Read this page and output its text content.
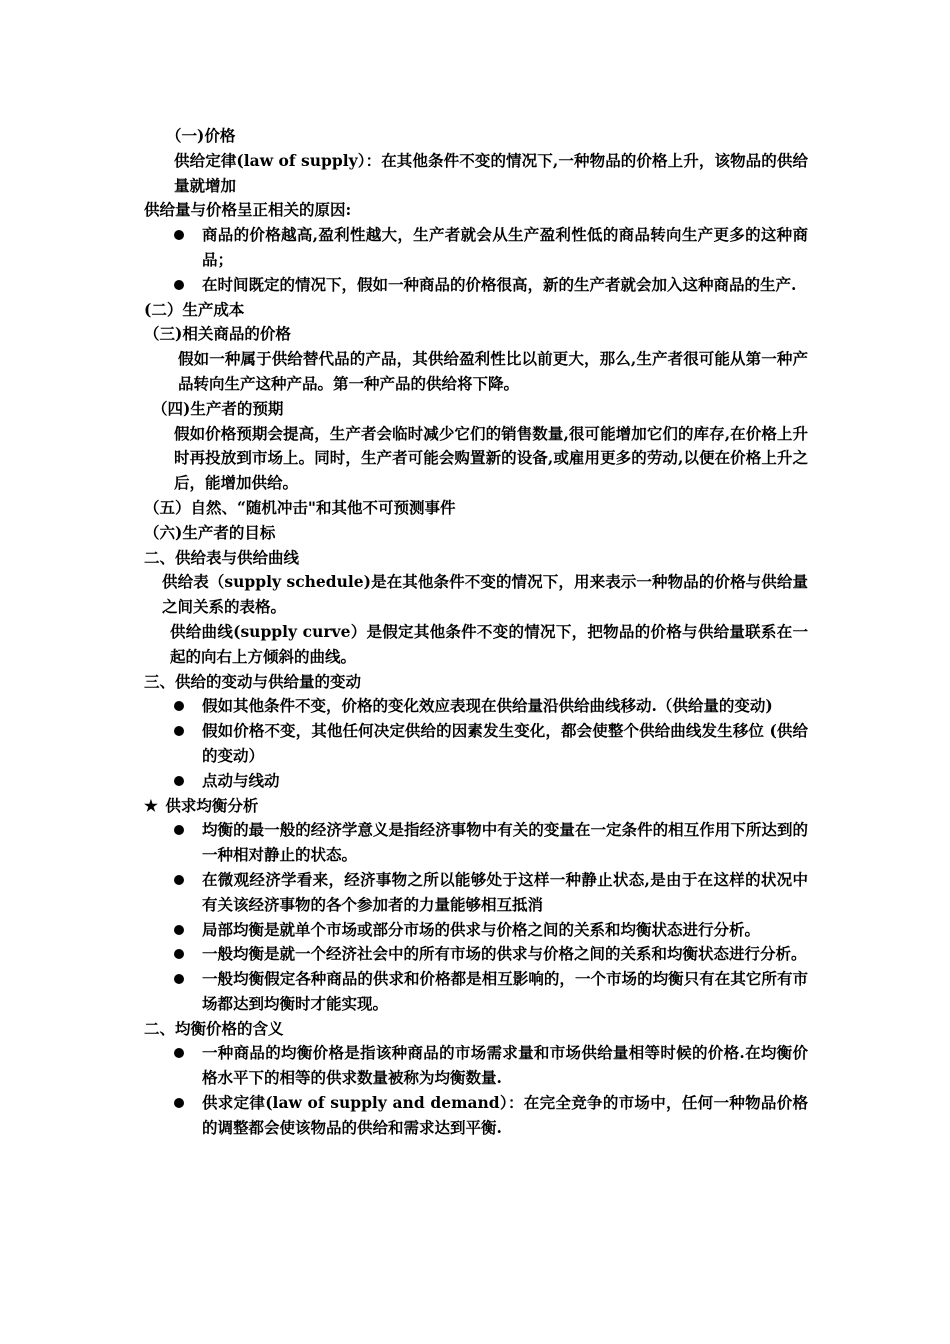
（一)价格
供给定律(law of supply）：在其他条件不变的情况下,一种物品的价格上升，该物品的供给量就增加
供给量与价格呈正相关的原因:
商品的价格越高,盈利性越大，生产者就会从生产盈利性低的商品转向生产更多的这种商品；
在时间既定的情况下，假如一种商品的价格很高，新的生产者就会加入这种商品的生产.
(二）生产成本
（三)相关商品的价格
假如一种属于供给替代品的产品，其供给盈利性比以前更大，那么,生产者很可能从第一种产品转向生产这种产品。第一种产品的供给将下降。
（四)生产者的预期
假如价格预期会提高，生产者会临时减少它们的销售数量,很可能增加它们的库存,在价格上升时再投放到市场上。同时，生产者可能会购置新的设备,或雇用更多的劳动,以便在价格上升之后，能增加供给。
（五）自然、“随机冲击"和其他不可预测事件
（六)生产者的目标
二、供给表与供给曲线
供给表（supply schedule)是在其他条件不变的情况下，用来表示一种物品的价格与供给量之间关系的表格。
供给曲线(supply curve）是假定其他条件不变的情况下，把物品的价格与供给量联系在一起的向右上方倾斜的曲线。
三、供给的变动与供给量的变动
假如其他条件不变，价格的变化效应表现在供给量沿供给曲线移动.（供给量的变动)
假如价格不变，其他任何决定供给的因素发生变化，都会使整个供给曲线发生移位 (供给的变动）
点动与线动
★ 供求均衡分析
均衡的最一般的经济学意义是指经济事物中有关的变量在一定条件的相互作用下所达到的一种相对静止的状态。
在微观经济学看来，经济事物之所以能够处于这样一种静止状态,是由于在这样的状况中有关该经济事物的各个参加者的力量能够相互抵消
局部均衡是就单个市场或部分市场的供求与价格之间的关系和均衡状态进行分析。
一般均衡是就一个经济社会中的所有市场的供求与价格之间的关系和均衡状态进行分析。
一般均衡假定各种商品的供求和价格都是相互影响的，一个市场的均衡只有在其它所有市场都达到均衡时才能实现。
二、均衡价格的含义
一种商品的均衡价格是指该种商品的市场需求量和市场供给量相等时候的价格.在均衡价格水平下的相等的供求数量被称为均衡数量.
供求定律(law of supply and demand）：在完全竞争的市场中，任何一种物品价格的调整都会使该物品的供给和需求达到平衡.
